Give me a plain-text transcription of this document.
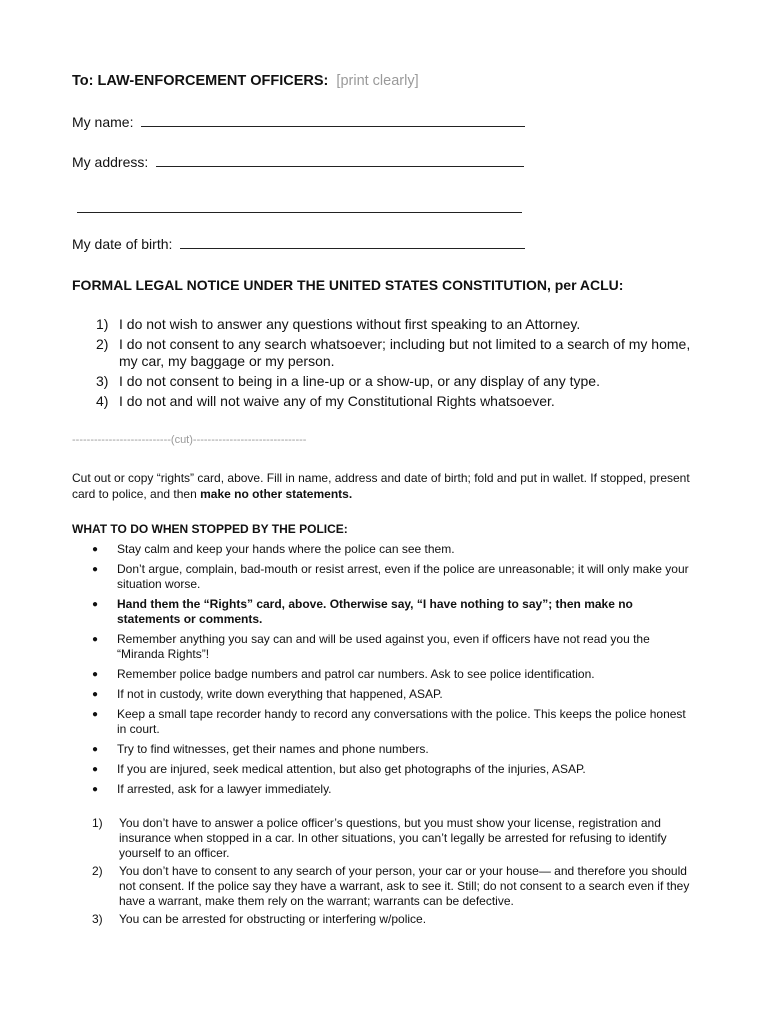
To: LAW-ENFORCEMENT OFFICERS: [print clearly]
My name:
My address:
My date of birth:
FORMAL LEGAL NOTICE UNDER THE UNITED STATES CONSTITUTION, per ACLU:
1) I do not wish to answer any questions without first speaking to an Attorney.
2) I do not consent to any search whatsoever; including but not limited to a search of my home, my car, my baggage or my person.
3) I do not consent to being in a line-up or a show-up, or any display of any type.
4) I do not and will not waive any of my Constitutional Rights whatsoever.
---------------------------(cut)-------------------------------
Cut out or copy “rights” card, above. Fill in name, address and date of birth; fold and put in wallet. If stopped, present card to police, and then make no other statements.
WHAT TO DO WHEN STOPPED BY THE POLICE:
● Stay calm and keep your hands where the police can see them.
● Don’t argue, complain, bad-mouth or resist arrest, even if the police are unreasonable; it will only make your situation worse.
● Hand them the “Rights” card, above. Otherwise say, “I have nothing to say”; then make no statements or comments.
● Remember anything you say can and will be used against you, even if officers have not read you the “Miranda Rights”!
● Remember police badge numbers and patrol car numbers. Ask to see police identification.
● If not in custody, write down everything that happened, ASAP.
● Keep a small tape recorder handy to record any conversations with the police. This keeps the police honest in court.
● Try to find witnesses, get their names and phone numbers.
● If you are injured, seek medical attention, but also get photographs of the injuries, ASAP.
● If arrested, ask for a lawyer immediately.
1) You don’t have to answer a police officer’s questions, but you must show your license, registration and insurance when stopped in a car. In other situations, you can’t legally be arrested for refusing to identify yourself to an officer.
2) You don’t have to consent to any search of your person, your car or your house— and therefore you should not consent. If the police say they have a warrant, ask to see it. Still; do not consent to a search even if they have a warrant, make them rely on the warrant; warrants can be defective.
3) You can be arrested for obstructing or interfering w/police.
